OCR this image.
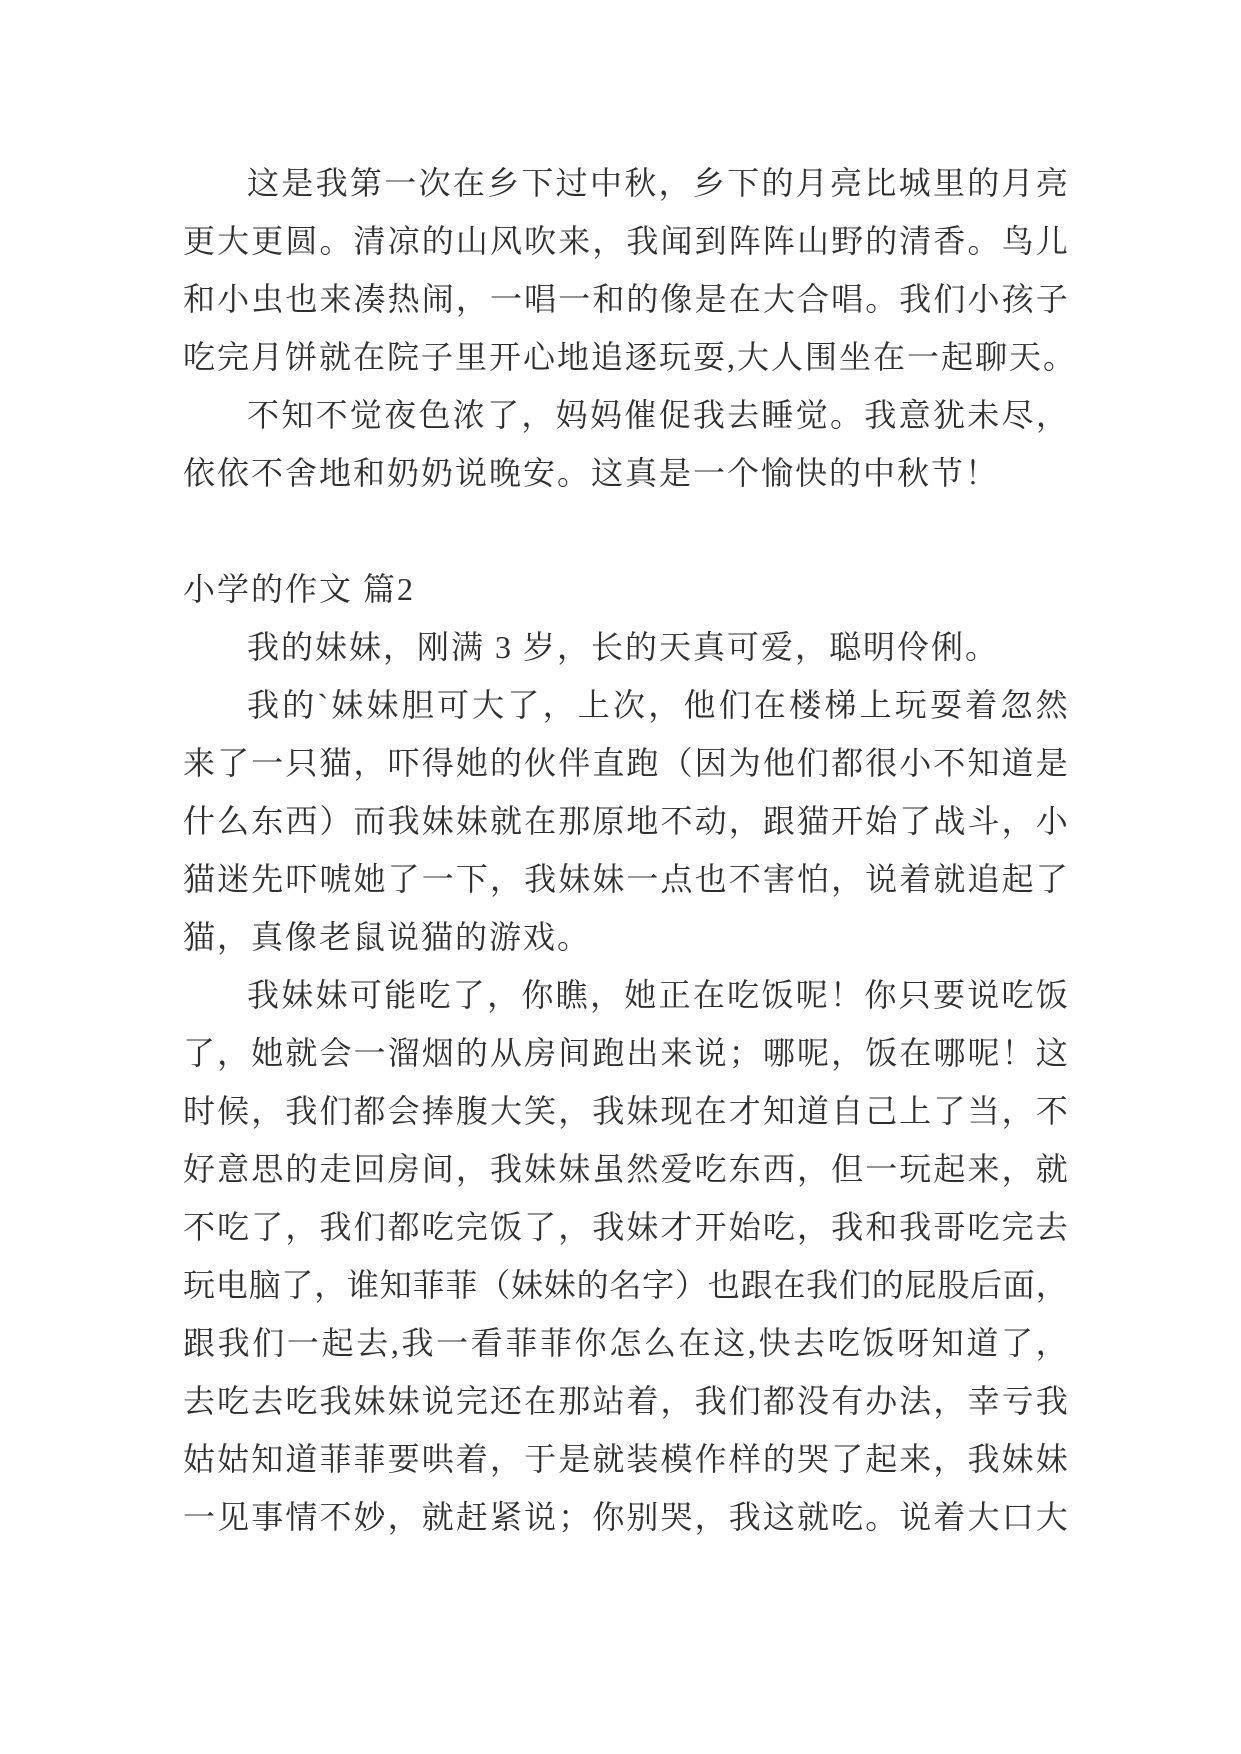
这 是 我 第 一 次 在 乡 下 过 中 秋 ， 乡 下 的 月 亮 比 城 里 的 月 亮
更 大 更 圆 。 清 凉 的 山 风 吹 来 ， 我 闻 到 阵 阵 山 野 的 清 香 。 鸟 儿
和 小 虫 也 来 凑 热 闹 ， 一 唱 一 和 的 像 是 在 大 合 唱 。 我 们 小 孩 子
吃完月饼就在院子里开心地追逐玩耍,大人围坐在一起聊天。
不 知 不 觉 夜 色 浓 了 ， 妈 妈 催 促 我 去 睡 觉 。 我 意 犹 未 尽 ，
依依不舍地和奶奶说晚安。这真是一个愉快的中秋节！
小学的作文 篇2
我的妹妹，刚满 3 岁，长的天真可爱，聪明伶俐。
我 的 ` 妹 妹 胆 可 大 了 ， 上 次 ， 他 们 在 楼 梯 上 玩 耍 着 忽 然
来 了 一 只 猫 ， 吓 得 她 的 伙 伴 直 跑 （ 因 为 他 们 都 很 小 不 知 道 是
什 么 东 西 ） 而 我 妹 妹 就 在 那 原 地 不 动 ， 跟 猫 开 始 了 战 斗 ， 小
猫 迷 先 吓 唬 她 了 一 下 ， 我 妹 妹 一 点 也 不 害 怕 ， 说 着 就 追 起 了
猫，真像老鼠说猫的游戏。
我 妹 妹 可 能 吃 了 ， 你 瞧 ， 她 正 在 吃 饭 呢 ！ 你 只 要 说 吃 饭
了 ， 她 就 会 一 溜 烟 的 从 房 间 跑 出 来 说 ； 哪 呢 ， 饭 在 哪 呢 ！ 这
时 候 ， 我 们 都 会 捧 腹 大 笑 ， 我 妹 现 在 才 知 道 自 己 上 了 当 ， 不
好 意 思 的 走 回 房 间 ， 我 妹 妹 虽 然 爱 吃 东 西 ， 但 一 玩 起 来 ， 就
不 吃 了 ， 我 们 都 吃 完 饭 了 ， 我 妹 才 开 始 吃 ， 我 和 我 哥 吃 完 去
玩 电 脑 了 ， 谁 知 菲 菲 （ 妹 妹 的 名 字 ） 也 跟 在 我 们 的 屁 股 后 面 ，
跟 我 们 一 起 去 , 我 一 看 菲 菲 你 怎 么 在 这 , 快 去 吃 饭 呀 知 道 了 ，
去 吃 去 吃 我 妹 妹 说 完 还 在 那 站 着 ， 我 们 都 没 有 办 法 ， 幸 亏 我
姑 姑 知 道 菲 菲 要 哄 着 ， 于 是 就 装 模 作 样 的 哭 了 起 来 ， 我 妹 妹
一 见 事 情 不 妙 ， 就 赶 紧 说 ； 你 别 哭 ， 我 这 就 吃 。 说 着 大 口 大
